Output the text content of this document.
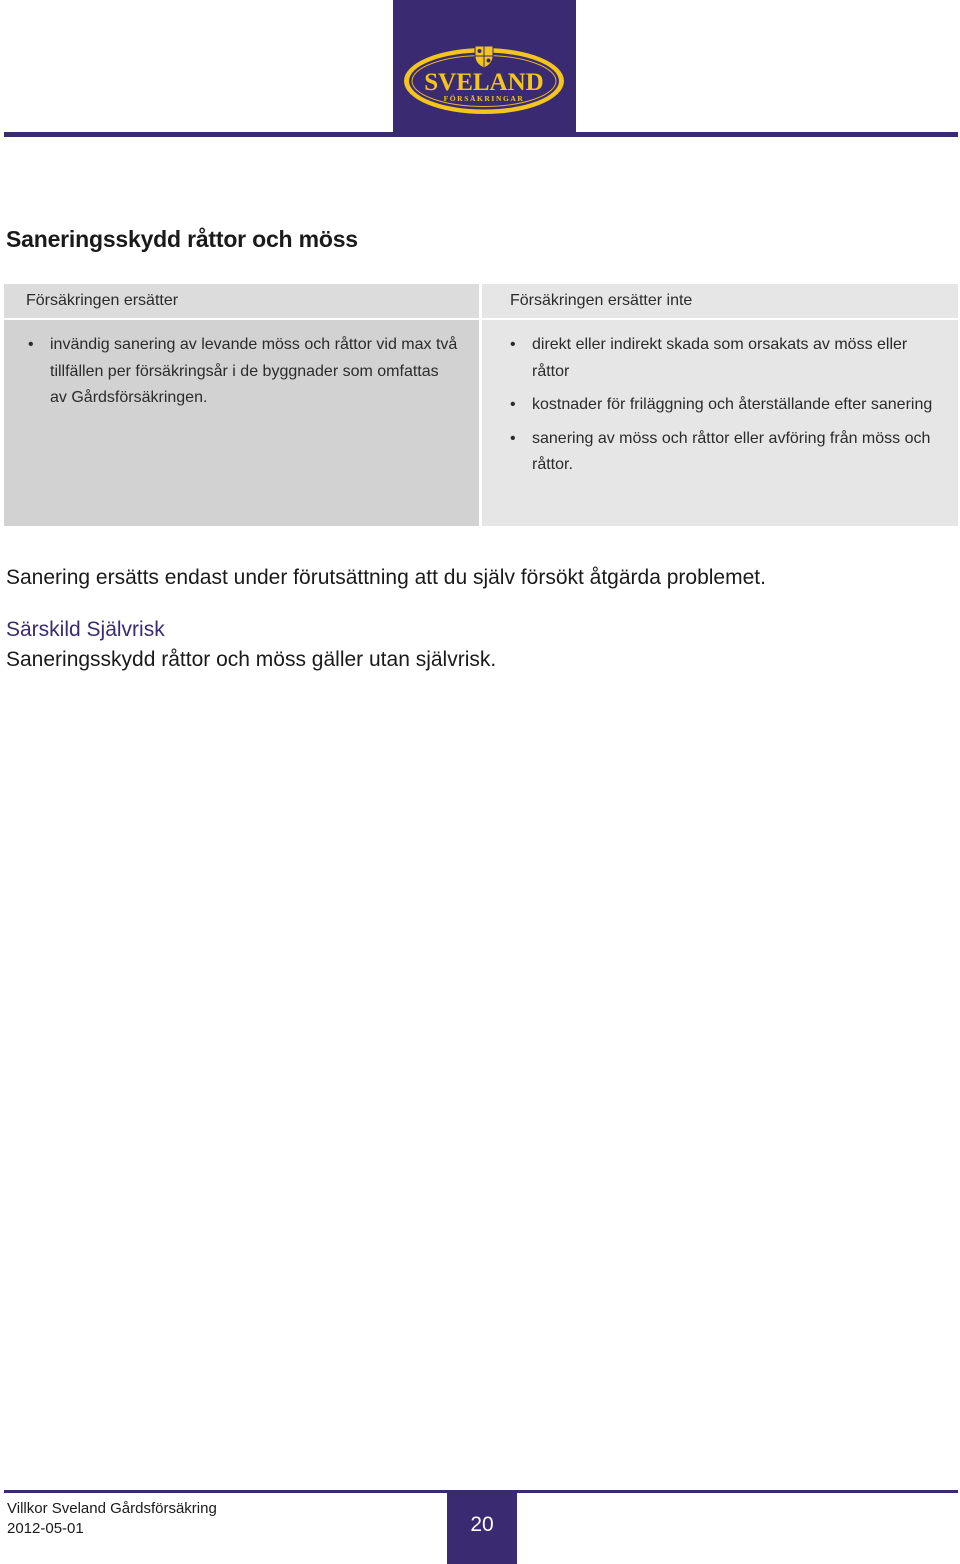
SVELAND
FÖRSÄKRINGAR
Saneringsskydd råttor och möss
Försäkringen ersätter
• invändig sanering av levande möss och råttor vid max två tillfällen per försäkringsår i de byggnader som omfattas av Gårdsförsäkringen.
Försäkringen ersätter inte
• direkt eller indirekt skada som orsakats av möss eller råttor
• kostnader för friläggning och återställande efter sanering
• sanering av möss och råttor eller avföring från möss och råttor.

Sanering ersätts endast under förutsättning att du själv försökt åtgärda problemet.

Särskild Självrisk

Saneringsskydd råttor och möss gäller utan självrisk.

Villkor Sveland Gårdsförsäkring
2012-05-01	20
